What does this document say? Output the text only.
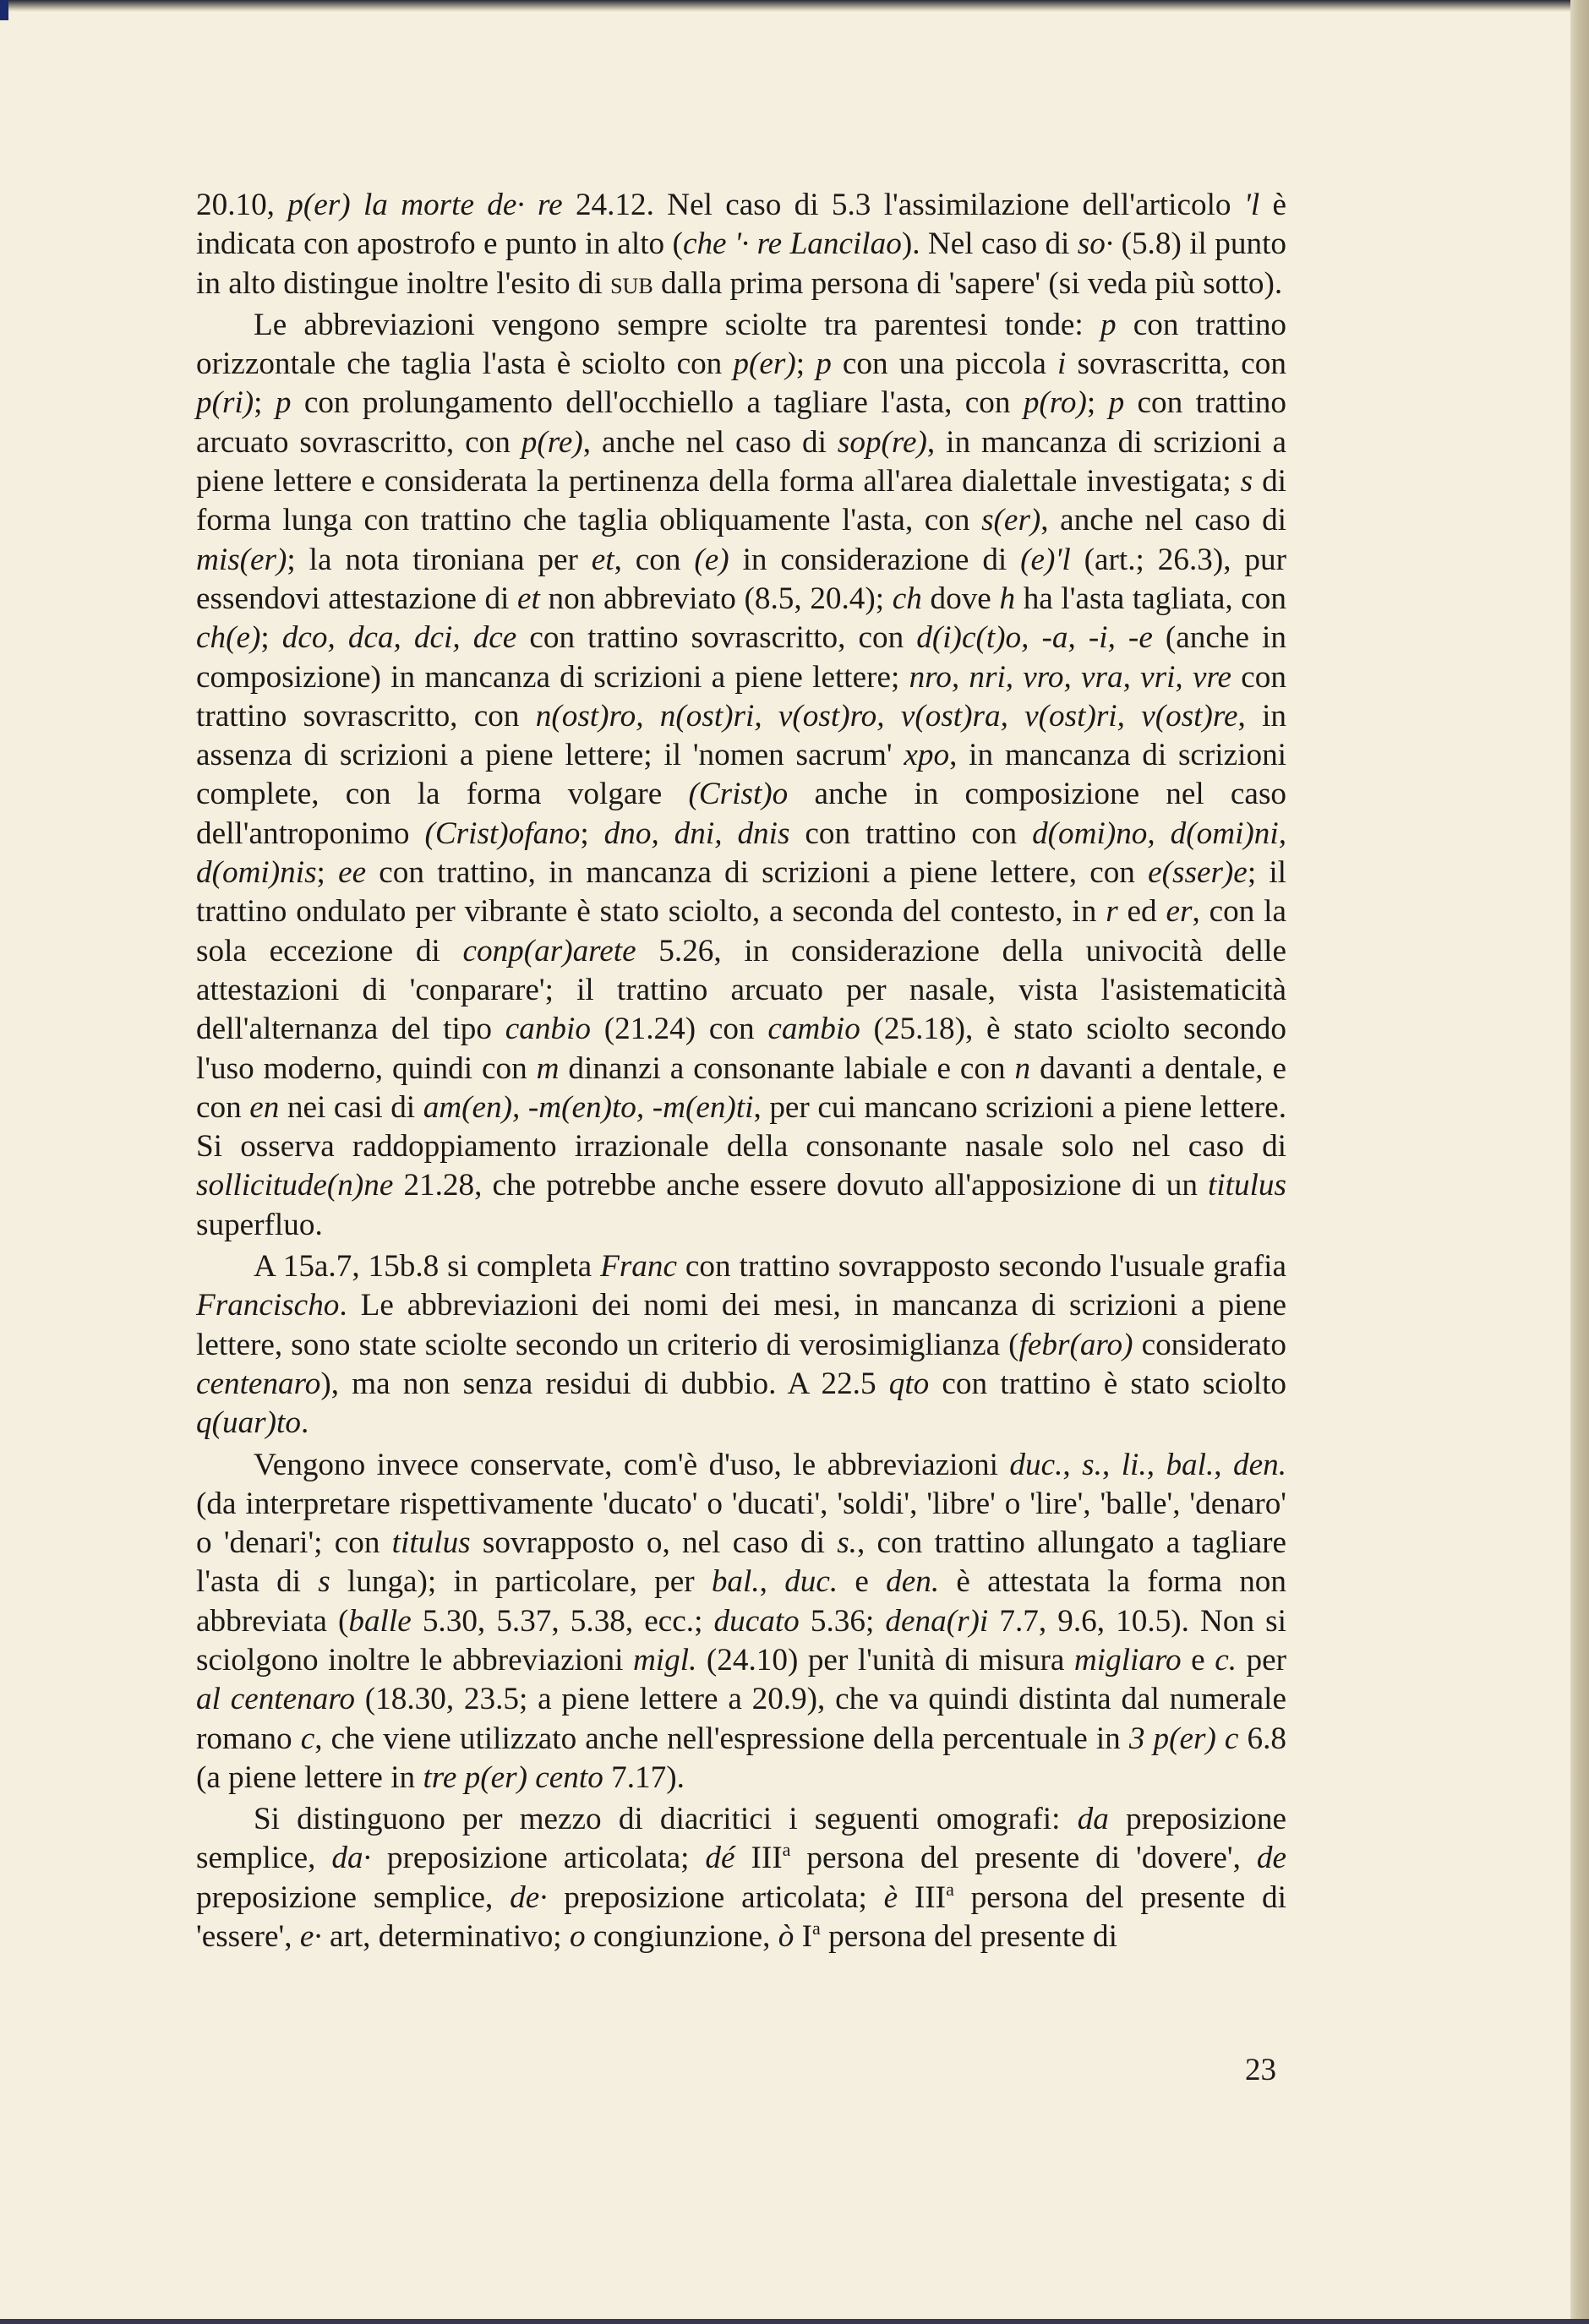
20.10, p(er) la morte de· re 24.12. Nel caso di 5.3 l'assimilazione dell'articolo 'l è indicata con apostrofo e punto in alto (che '· re Lancilao). Nel caso di so· (5.8) il punto in alto distingue inoltre l'esito di sub dalla prima persona di 'sapere' (si veda più sotto).

Le abbreviazioni vengono sempre sciolte tra parentesi tonde: p con trattino orizzontale che taglia l'asta è sciolto con p(er); p con una piccola i sovrascritta, con p(ri); p con prolungamento dell'occhiello a tagliare l'asta, con p(ro); p con trattino arcuato sovrascritto, con p(re), anche nel caso di sop(re), in mancanza di scrizioni a piene lettere e considerata la pertinenza della forma all'area dialettale investigata; s di forma lunga con trattino che taglia obliquamente l'asta, con s(er), anche nel caso di mis(er); la nota tironiana per et, con (e) in considerazione di (e)'l (art.; 26.3), pur essendovi attestazione di et non abbreviato (8.5, 20.4); ch dove h ha l'asta tagliata, con ch(e); dco, dca, dci, dce con trattino sovrascritto, con d(i)c(t)o, -a, -i, -e (anche in composizione) in mancanza di scrizioni a piene lettere; nro, nri, vro, vra, vri, vre con trattino sovrascritto, con n(ost)ro, n(ost)ri, v(ost)ro, v(ost)ra, v(ost)ri, v(ost)re, in assenza di scrizioni a piene lettere; il 'nomen sacrum' xpo, in mancanza di scrizioni complete, con la forma volgare (Crist)o anche in composizione nel caso dell'antroponimo (Crist)ofano; dno, dni, dnis con trattino con d(omi)no, d(omi)ni, d(omi)nis; ee con trattino, in mancanza di scrizioni a piene lettere, con e(sser)e; il trattino ondulato per vibrante è stato sciolto, a seconda del contesto, in r ed er, con la sola eccezione di conp(ar)arete 5.26, in considerazione della univocità delle attestazioni di 'conparare'; il trattino arcuato per nasale, vista l'asistematicità dell'alternanza del tipo canbio (21.24) con cambio (25.18), è stato sciolto secondo l'uso moderno, quindi con m dinanzi a consonante labiale e con n davanti a dentale, e con en nei casi di am(en), -m(en)to, -m(en)ti, per cui mancano scrizioni a piene lettere. Si osserva raddoppiamento irrazionale della consonante nasale solo nel caso di sollicitude(n)ne 21.28, che potrebbe anche essere dovuto all'apposizione di un titulus superfluo.

A 15a.7, 15b.8 si completa Franc con trattino sovrapposto secondo l'usuale grafia Francischo. Le abbreviazioni dei nomi dei mesi, in mancanza di scrizioni a piene lettere, sono state sciolte secondo un criterio di verosimiglianza (febr(aro) considerato centenaro), ma non senza residui di dubbio. A 22.5 qto con trattino è stato sciolto q(uar)to.

Vengono invece conservate, com'è d'uso, le abbreviazioni duc., s., li., bal., den. (da interpretare rispettivamente 'ducato' o 'ducati', 'soldi', 'libre' o 'lire', 'balle', 'denaro' o 'denari'; con titulus sovrapposto o, nel caso di s., con trattino allungato a tagliare l'asta di s lunga); in particolare, per bal., duc. e den. è attestata la forma non abbreviata (balle 5.30, 5.37, 5.38, ecc.; ducato 5.36; dena(r)i 7.7, 9.6, 10.5). Non si sciolgono inoltre le abbreviazioni migl. (24.10) per l'unità di misura migliaro e c. per al centenaro (18.30, 23.5; a piene lettere a 20.9), che va quindi distinta dal numerale romano c, che viene utilizzato anche nell'espressione della percentuale in 3 p(er) c 6.8 (a piene lettere in tre p(er) cento 7.17).

Si distinguono per mezzo di diacritici i seguenti omografi: da preposizione semplice, da· preposizione articolata; dé III$^a$ persona del presente di 'dovere', de preposizione semplice, de· preposizione articolata; è III$^a$ persona del presente di 'essere', e· art, determinativo; o congiunzione, ò $I^a$ persona del presente di

23
